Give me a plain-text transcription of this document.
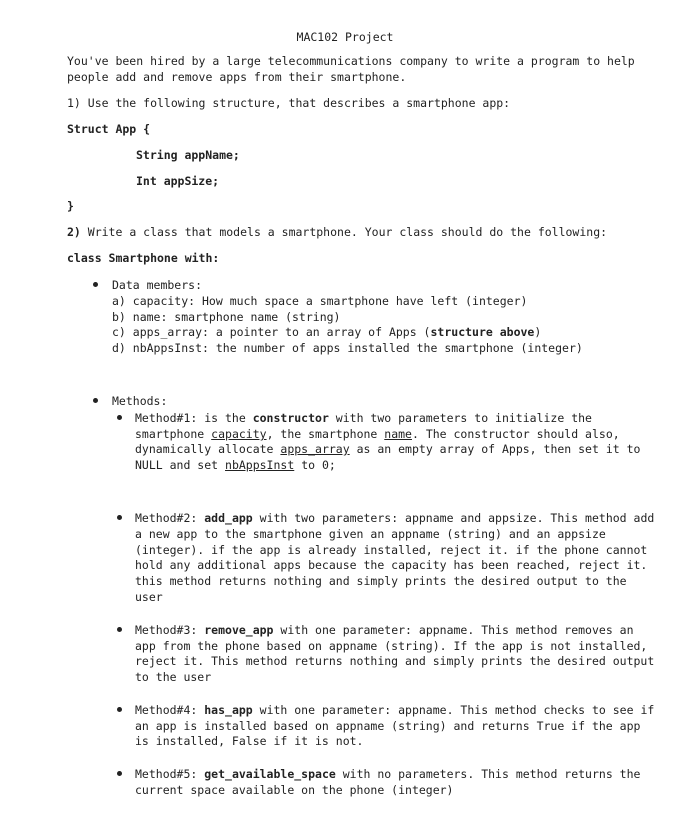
MAC102 Project
You've been hired by a large telecommunications company to write a program to help
people add and remove apps from their smartphone.
1) Use the following structure, that describes a smartphone app:
Struct App {
String appName;
Int appSize;
}
2) Write a class that models a smartphone. Your class should do the following:
class Smartphone with:
Data members:
a) capacity: How much space a smartphone have left (integer)
b) name: smartphone name (string)
c) apps_array: a pointer to an array of Apps (structure above)
d) nbAppsInst: the number of apps installed the smartphone (integer)
Methods:
Method#1: is the constructor with two parameters to initialize the
smartphone capacity, the smartphone name. The constructor should also,
dynamically allocate apps_array as an empty array of Apps, then set it to
NULL and set nbAppsInst to 0;
Method#2: add_app with two parameters: appname and appsize. This method add
a new app to the smartphone given an appname (string) and an appsize
(integer). if the app is already installed, reject it. if the phone cannot
hold any additional apps because the capacity has been reached, reject it.
this method returns nothing and simply prints the desired output to the
user
Method#3: remove_app with one parameter: appname. This method removes an
app from the phone based on appname (string). If the app is not installed,
reject it. This method returns nothing and simply prints the desired output
to the user
Method#4: has_app with one parameter: appname. This method checks to see if
an app is installed based on appname (string) and returns True if the app
is installed, False if it is not.
Method#5: get_available_space with no parameters. This method returns the
current space available on the phone (integer)
